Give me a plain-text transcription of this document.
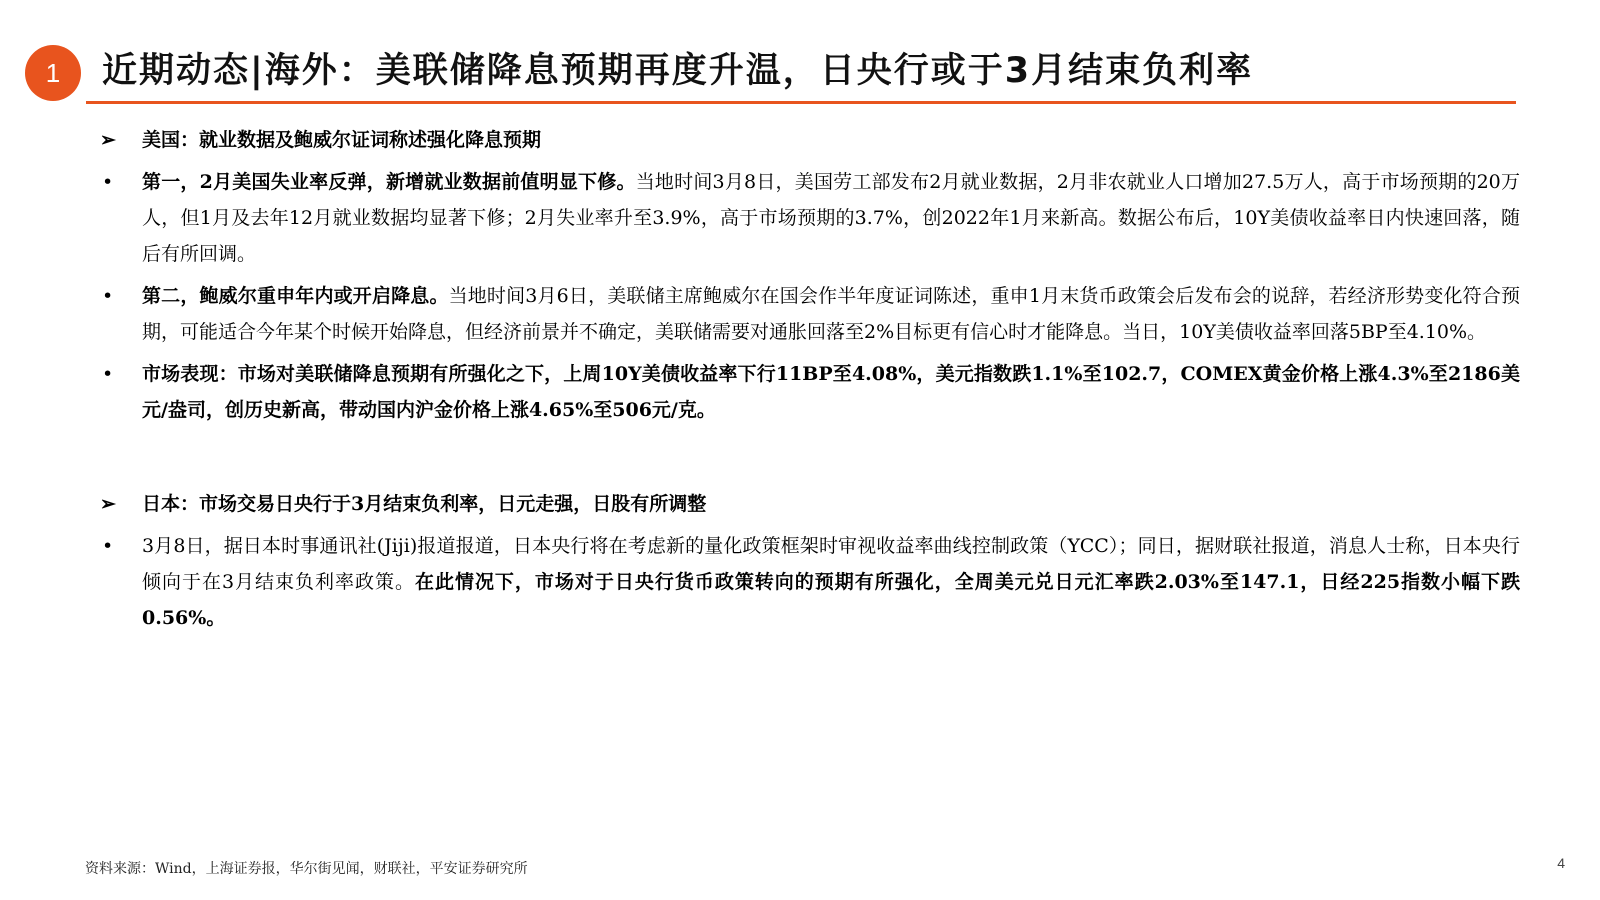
1 近期动态|海外：美联储降息预期再度升温，日央行或于3月结束负利率
➢ 美国：就业数据及鲍威尔证词称述强化降息预期
• 第一，2月美国失业率反弹，新增就业数据前值明显下修。当地时间3月8日，美国劳工部发布2月就业数据，2月非农就业人口增加27.5万人，高于市场预期的20万人，但1月及去年12月就业数据均显著下修；2月失业率升至3.9%，高于市场预期的3.7%，创2022年1月来新高。数据公布后，10Y美债收益率日内快速回落，随后有所回调。
• 第二，鲍威尔重申年内或开启降息。当地时间3月6日，美联储主席鲍威尔在国会作半年度证词陈述，重申1月末货币政策会后发布会的说辞，若经济形势变化符合预期，可能适合今年某个时候开始降息，但经济前景并不确定，美联储需要对通胀回落至2%目标更有信心时才能降息。当日，10Y美债收益率回落5BP至4.10%。
• 市场表现：市场对美联储降息预期有所强化之下，上周10Y美债收益率下行11BP至4.08%，美元指数跌1.1%至102.7，COMEX黄金价格上涨4.3%至2186美元/盎司，创历史新高，带动国内沪金价格上涨4.65%至506元/克。
➢ 日本：市场交易日央行于3月结束负利率，日元走强，日股有所调整
• 3月8日，据日本时事通讯社(Jiji)报道报道，日本央行将在考虑新的量化政策框架时审视收益率曲线控制政策（YCC）；同日，据财联社报道，消息人士称，日本央行倾向于在3月结束负利率政策。在此情况下，市场对于日央行货币政策转向的预期有所强化，全周美元兑日元汇率跌2.03%至147.1，日经225指数小幅下跌0.56%。
资料来源：Wind，上海证券报，华尔街见闻，财联社，平安证券研究所	4
